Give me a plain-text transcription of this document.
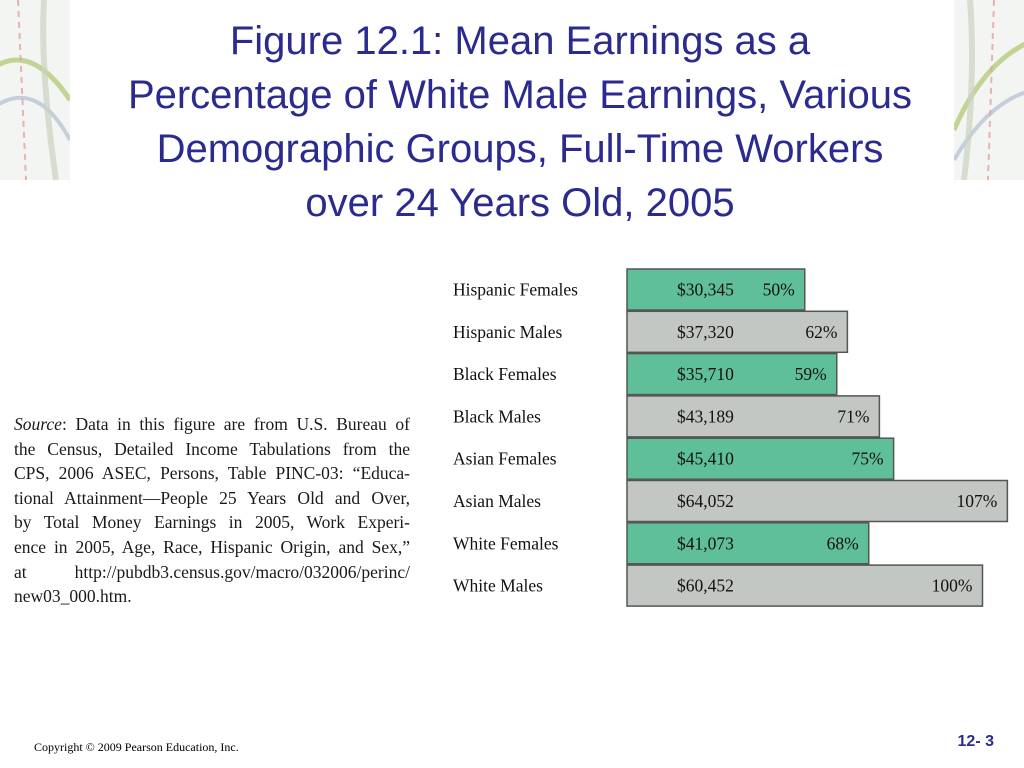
Figure 12.1: Mean Earnings as a
Percentage of White Male Earnings, Various
Demographic Groups, Full-Time Workers
over 24 Years Old, 2005

Source: Data in this figure are from U.S. Bureau of
the Census, Detailed Income Tabulations from the
CPS, 2006 ASEC, Persons, Table PINC-03: “Educa-
tional Attainment—People 25 Years Old and Over,
by Total Money Earnings in 2005, Work Experi-
ence in 2005, Age, Race, Hispanic Origin, and Sex,”
at http://pubdb3.census.gov/macro/032006/perinc/
new03_000.htm.

Hispanic Females	$30,345 50%
Hispanic Males	$37,320	62%
Black Females	$35,710	59%
Black Males	$43,189	71%
Asian Females	$45,410	75%
Asian Males	$64,052	107%
White Females	$41,073	68%
White Males	$60,452	100%
Copyright © 2009 Pearson Education, Inc.	12- 3
